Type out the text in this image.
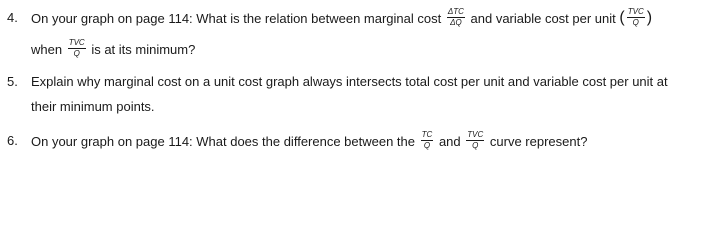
4. On your graph on page 114: What is the relation between marginal cost $\frac{\text{ΔTC}}{\Delta Q}$ and variable cost per unit ( $\frac{\text{TVC}}{Q}$ )
when $\frac{\text{TVC}}{Q}$ is at its minimum?
5. Explain why marginal cost on a unit cost graph always intersects total cost per unit and variable cost per unit at
their minimum points.
6. On your graph on page 114: What does the difference between the $\frac{TC}{Q}$ and $\frac{\text{TVC}}{Q}$ curve represent?
